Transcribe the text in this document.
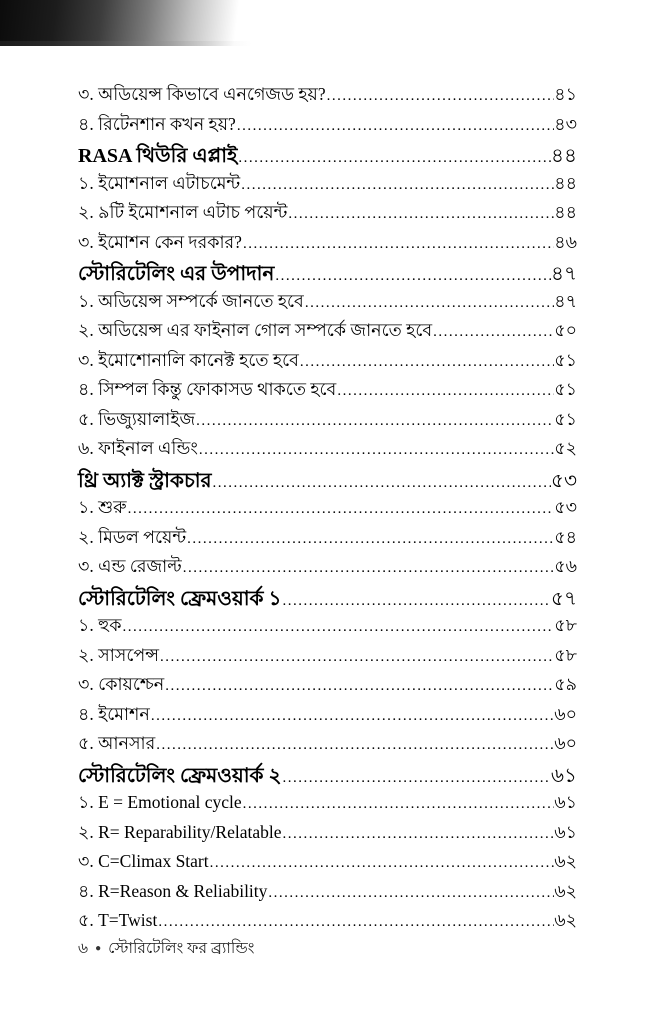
৩. অডিয়েন্স কিভাবে এনগেজড হয়? .....	৪১
৪. রিটেনশান কখন হয়? .....	৪৩
RASA থিউরি এপ্লাই .....	৪৪
১. ইমোশনাল এটাচমেন্ট .....	৪৪
২. ৯টি ইমোশনাল এটাচ পয়েন্ট .....	৪৪
৩. ইমোশন কেন দরকার? .....	৪৬
স্টোরিটেলিং এর উপাদান .....	৪৭
১. অডিয়েন্স সম্পর্কে জানতে হবে .....	৪৭
২. অডিয়েন্স এর ফাইনাল গোল সম্পর্কে জানতে হবে .....	৫০
৩. ইমোশোনালি কানেক্ট হতে হবে .....	৫১
৪. সিম্পল কিন্তু ফোকাসড থাকতে হবে .....	৫১
৫. ভিজ্যুয়ালাইজ .....	৫১
৬. ফাইনাল এন্ডিং .....	৫২
থ্রি অ্যাক্ট স্ট্রাকচার .....	৫৩
১. শুরু .....	৫৩
২. মিডল পয়েন্ট .....	৫৪
৩. এন্ড রেজাল্ট .....	৫৬
স্টোরিটেলিং ফ্রেমওয়ার্ক ১ .....	৫৭
১. হুক .....	৫৮
২. সাসপেন্স .....	৫৮
৩. কোয়শ্চেন .....	৫৯
৪. ইমোশন .....	৬০
৫. আনসার .....	৬০
স্টোরিটেলিং ফ্রেমওয়ার্ক ২ .....	৬১
১. E = Emotional cycle .....	৬১
২. R= Reparability/Relatable .....	৬১
৩. C=Climax Start .....	৬২
৪. R=Reason & Reliability .....	৬২
৫. T=Twist .....	৬২
৬ ● স্টোরিটেলিং ফর ব্র্যান্ডিং
